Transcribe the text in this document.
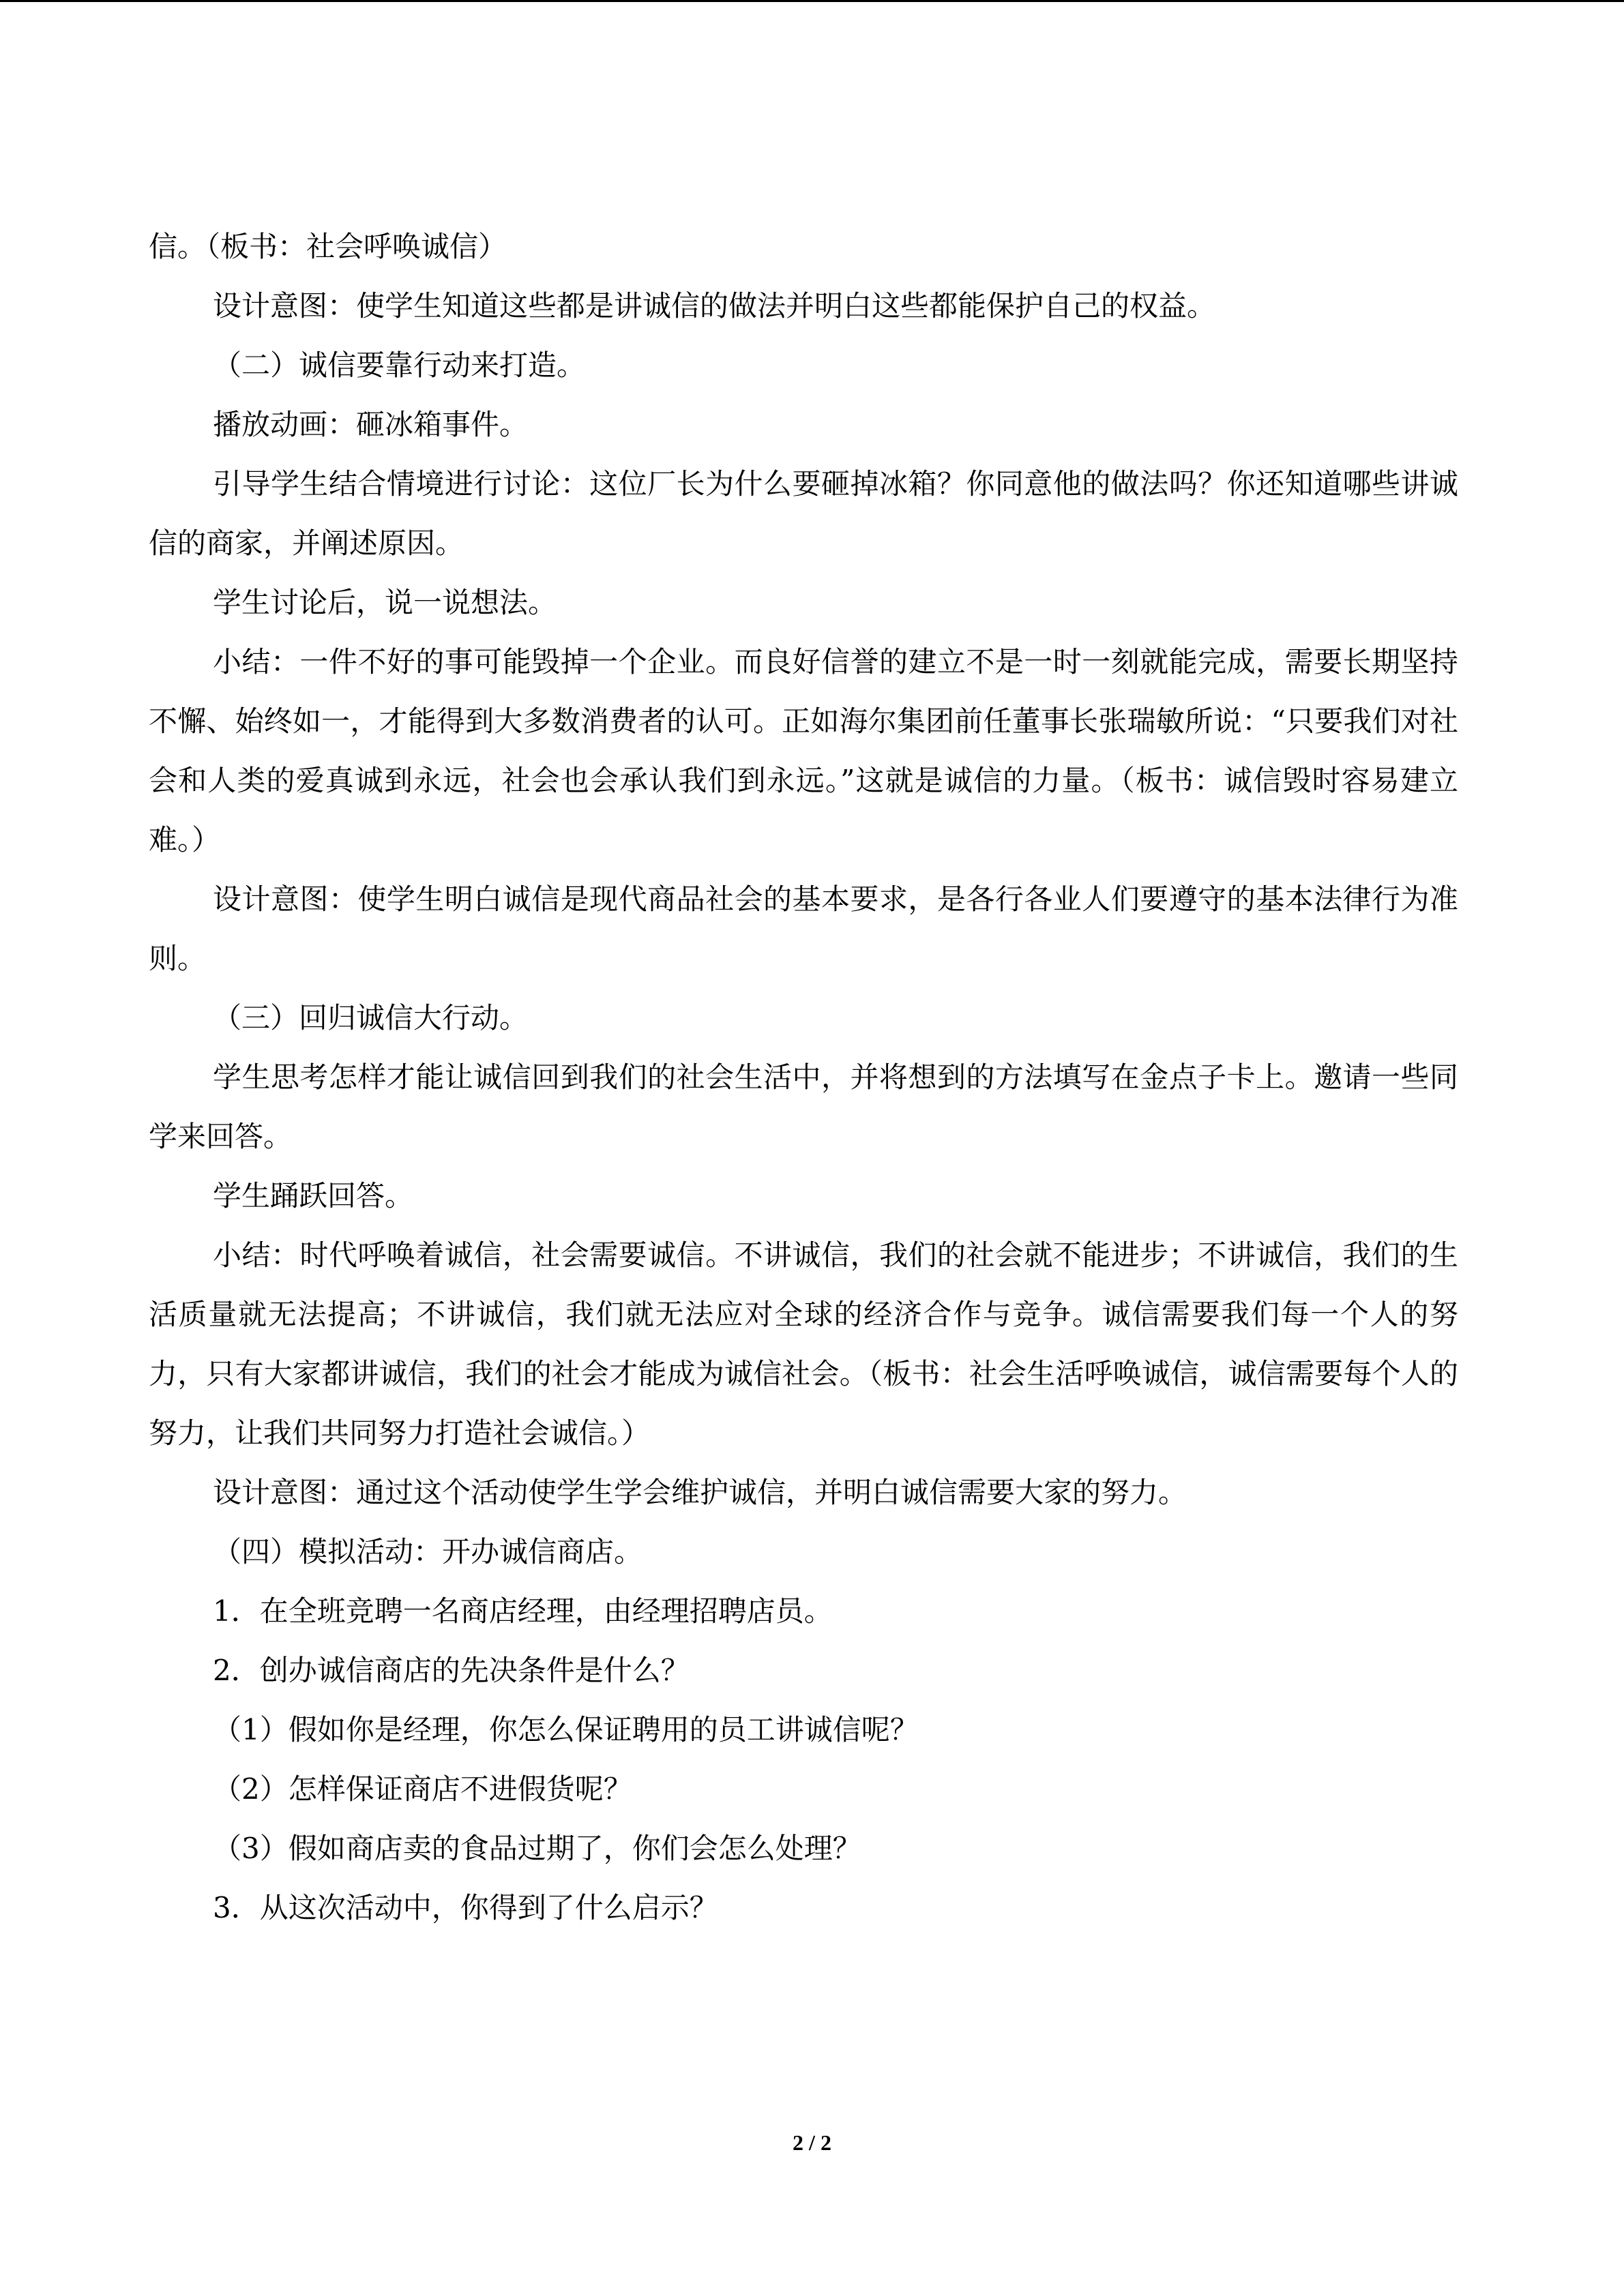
信。（板书：社会呼唤诚信）

设计意图：使学生知道这些都是讲诚信的做法并明白这些都能保护自己的权益。

（二）诚信要靠行动来打造。

播放动画：砸冰箱事件。

引导学生结合情境进行讨论：这位厂长为什么要砸掉冰箱？你同意他的做法吗？你还知道哪些讲诚信的商家，并阐述原因。

学生讨论后，说一说想法。

小结：一件不好的事可能毁掉一个企业。而良好信誉的建立不是一时一刻就能完成，需要长期坚持不懈、始终如一，才能得到大多数消费者的认可。正如海尔集团前任董事长张瑞敏所说：“只要我们对社会和人类的爱真诚到永远，社会也会承认我们到永远。”这就是诚信的力量。（板书：诚信毁时容易建立难。）

设计意图：使学生明白诚信是现代商品社会的基本要求，是各行各业人们要遵守的基本法律行为准则。

（三）回归诚信大行动。

学生思考怎样才能让诚信回到我们的社会生活中，并将想到的方法填写在金点子卡上。邀请一些同学来回答。

学生踊跃回答。

小结：时代呼唤着诚信，社会需要诚信。不讲诚信，我们的社会就不能进步；不讲诚信，我们的生活质量就无法提高；不讲诚信，我们就无法应对全球的经济合作与竞争。诚信需要我们每一个人的努力，只有大家都讲诚信，我们的社会才能成为诚信社会。（板书：社会生活呼唤诚信，诚信需要每个人的努力，让我们共同努力打造社会诚信。）

设计意图：通过这个活动使学生学会维护诚信，并明白诚信需要大家的努力。

（四）模拟活动：开办诚信商店。

1．在全班竞聘一名商店经理，由经理招聘店员。

2．创办诚信商店的先决条件是什么？

（1）假如你是经理，你怎么保证聘用的员工讲诚信呢？

（2）怎样保证商店不进假货呢？

（3）假如商店卖的食品过期了，你们会怎么处理？

3．从这次活动中，你得到了什么启示？

2 / 2
